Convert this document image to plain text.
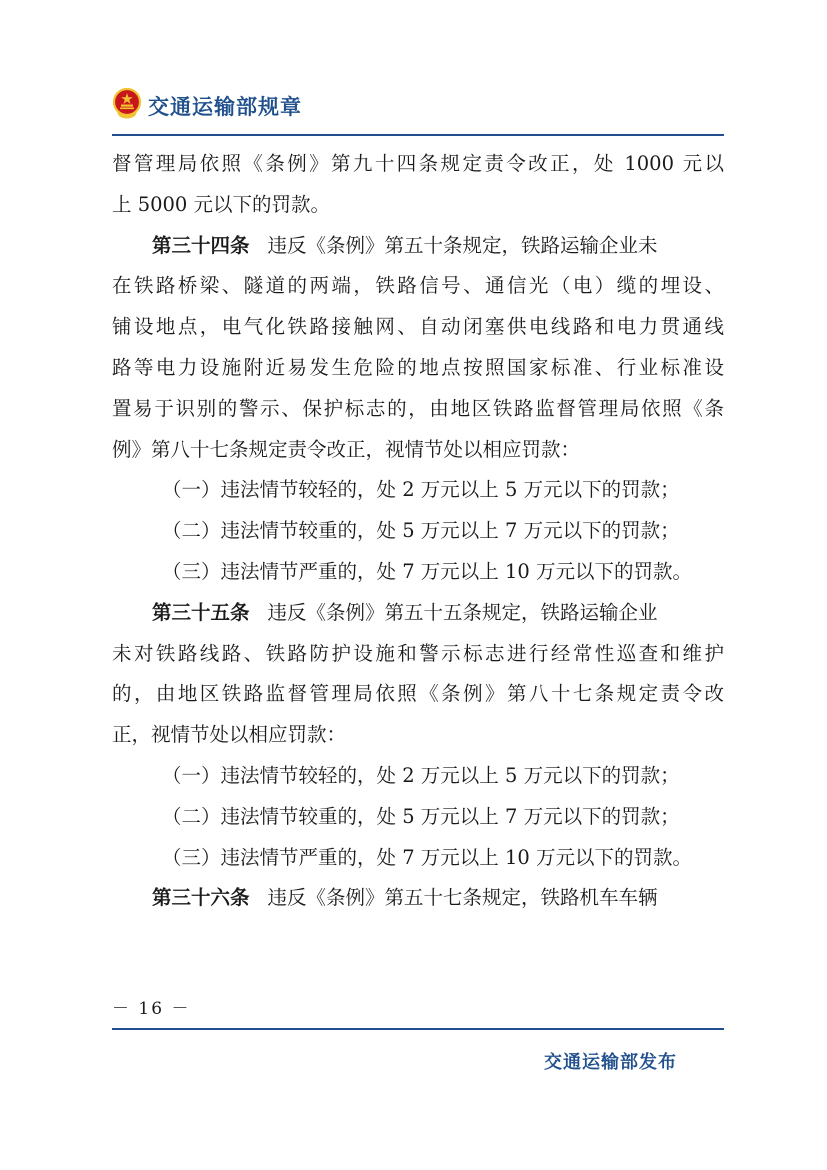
交通运输部规章
督管理局依照《条例》第九十四条规定责令改正，处 1000 元以
上 5000 元以下的罚款。
第三十四条 违反《条例》第五十条规定，铁路运输企业未
在铁路桥梁、隧道的两端，铁路信号、通信光（电）缆的埋设、
铺设地点，电气化铁路接触网、自动闭塞供电线路和电力贯通线
路等电力设施附近易发生危险的地点按照国家标准、行业标准设
置易于识别的警示、保护标志的，由地区铁路监督管理局依照《条
例》第八十七条规定责令改正，视情节处以相应罚款：
（一）违法情节较轻的，处 2 万元以上 5 万元以下的罚款；
（二）违法情节较重的，处 5 万元以上 7 万元以下的罚款；
（三）违法情节严重的，处 7 万元以上 10 万元以下的罚款。
第三十五条 违反《条例》第五十五条规定，铁路运输企业
未对铁路线路、铁路防护设施和警示标志进行经常性巡查和维护
的，由地区铁路监督管理局依照《条例》第八十七条规定责令改
正，视情节处以相应罚款：
（一）违法情节较轻的，处 2 万元以上 5 万元以下的罚款；
（二）违法情节较重的，处 5 万元以上 7 万元以下的罚款；
（三）违法情节严重的，处 7 万元以上 10 万元以下的罚款。
第三十六条 违反《条例》第五十七条规定，铁路机车车辆
－ 16 －
交通运输部发布
